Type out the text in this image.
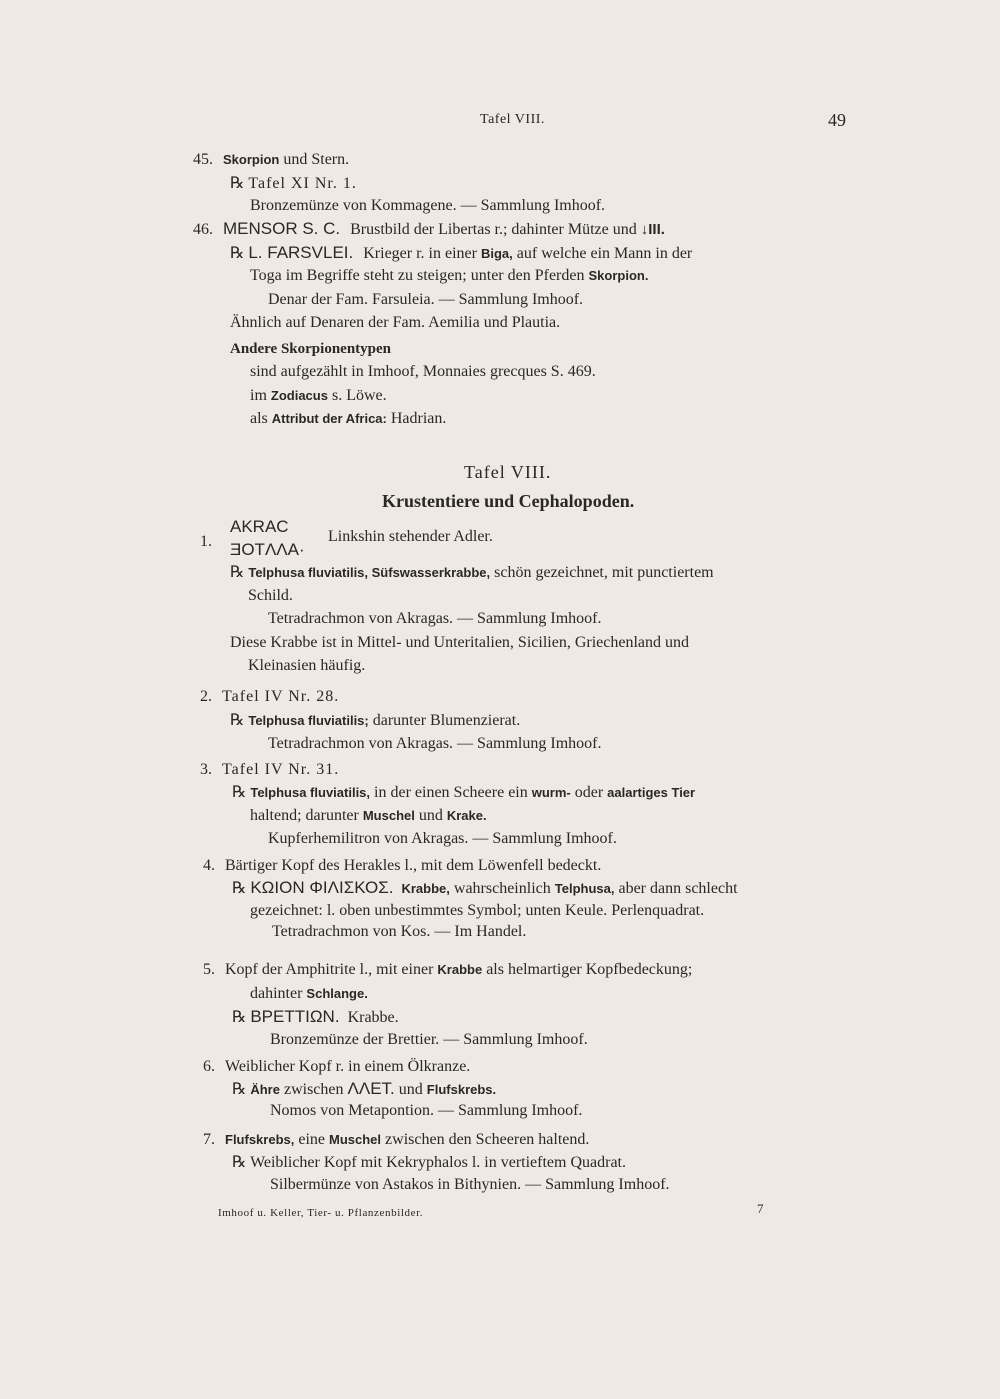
Tafel VIII.	49
45. Skorpion und Stern.
℞ Tafel XI Nr. 1.
Bronzemünze von Kommagene. — Sammlung Imhoof.
46. MENSOR S. C. Brustbild der Libertas r.; dahinter Mütze und ↓III.
℞ L. FARSVLEI. Krieger r. in einer Biga, auf welche ein Mann in der
Toga im Begriffe steht zu steigen; unter den Pferden Skorpion.
Denar der Fam. Farsuleia. — Sammlung Imhoof.
Ähnlich auf Denaren der Fam. Aemilia und Plautia.
Andere Skorpionentypen
sind aufgezählt in Imhoof, Monnaies grecques S. 469.
im Zodiacus s. Löwe.
als Attribut der Africa: Hadrian.
Tafel VIII.
Krustentiere und Cephalopoden.
1.
AKRAC
ƎOTΛΛA·
Linkshin stehender Adler.
℞ Telphusa fluviatilis, Süfswasserkrabbe, schön gezeichnet, mit punctiertem
Schild.
Tetradrachmon von Akragas. — Sammlung Imhoof.
Diese Krabbe ist in Mittel- und Unteritalien, Sicilien, Griechenland und
Kleinasien häufig.
2. Tafel IV Nr. 28.
℞ Telphusa fluviatilis; darunter Blumenzierat.
Tetradrachmon von Akragas. — Sammlung Imhoof.
3. Tafel IV Nr. 31.
℞ Telphusa fluviatilis, in der einen Scheere ein wurm- oder aalartiges Tier
haltend; darunter Muschel und Krake.
Kupferhemilitron von Akragas. — Sammlung Imhoof.
4. Bärtiger Kopf des Herakles l., mit dem Löwenfell bedeckt.
℞ ΚΩΙΟΝ ΦΙΛΙΣΚΟΣ. Krabbe, wahrscheinlich Telphusa, aber dann schlecht
gezeichnet: l. oben unbestimmtes Symbol; unten Keule. Perlenquadrat.
Tetradrachmon von Kos. — Im Handel.
5. Kopf der Amphitrite l., mit einer Krabbe als helmartiger Kopfbedeckung;
dahinter Schlange.
℞ BPETTIΩN. Krabbe.
Bronzemünze der Brettier. — Sammlung Imhoof.
6. Weiblicher Kopf r. in einem Ölkranze.
℞ Ähre zwischen ΛΛET. und Flufskrebs.
Nomos von Metapontion. — Sammlung Imhoof.
7. Flufskrebs, eine Muschel zwischen den Scheeren haltend.
℞ Weiblicher Kopf mit Kekryphalos l. in vertieftem Quadrat.
Silbermünze von Astakos in Bithynien. — Sammlung Imhoof.
Imhoof u. Keller, Tier- u. Pflanzenbilder.	7
